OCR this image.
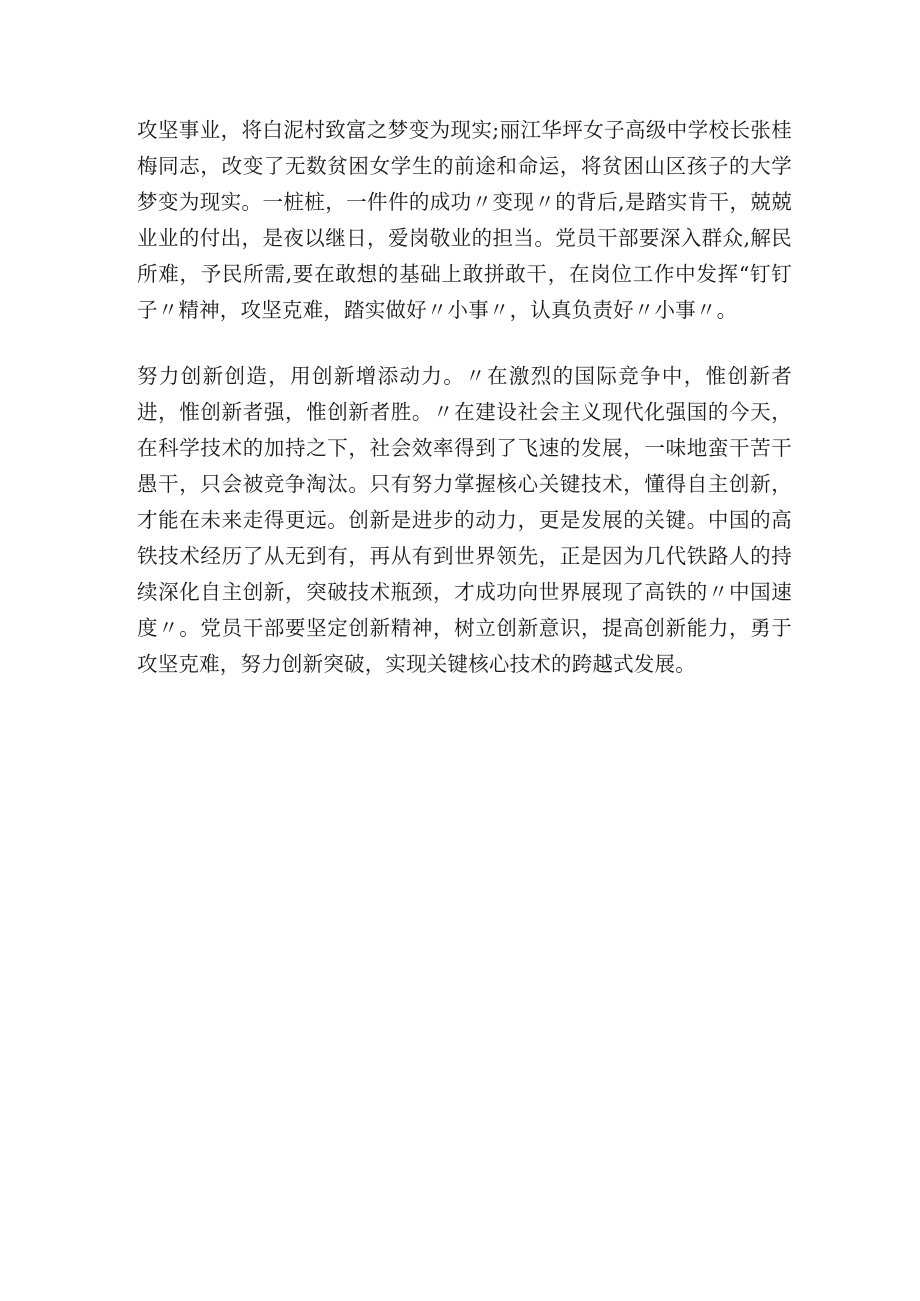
攻坚事业，将白泥村致富之梦变为现实;丽江华坪女子高级中学校长张桂梅同志，改变了无数贫困女学生的前途和命运，将贫困山区孩子的大学梦变为现实。一桩桩，一件件的成功〃变现〃的背后,是踏实肯干，兢兢业业的付出，是夜以继日，爱岗敬业的担当。党员干部要深入群众,解民所难，予民所需,要在敢想的基础上敢拼敢干，在岗位工作中发挥“钉钉子〃精神，攻坚克难，踏实做好〃小事〃，认真负责好〃小事〃。

努力创新创造，用创新增添动力。〃在激烈的国际竞争中，惟创新者进，惟创新者强，惟创新者胜。〃在建设社会主义现代化强国的今天，在科学技术的加持之下，社会效率得到了飞速的发展，一味地蛮干苦干愚干，只会被竞争淘汰。只有努力掌握核心关键技术，懂得自主创新，才能在未来走得更远。创新是进步的动力，更是发展的关键。中国的高铁技术经历了从无到有，再从有到世界领先，正是因为几代铁路人的持续深化自主创新，突破技术瓶颈，才成功向世界展现了高铁的〃中国速度〃。党员干部要坚定创新精神，树立创新意识，提高创新能力，勇于攻坚克难，努力创新突破，实现关键核心技术的跨越式发展。
